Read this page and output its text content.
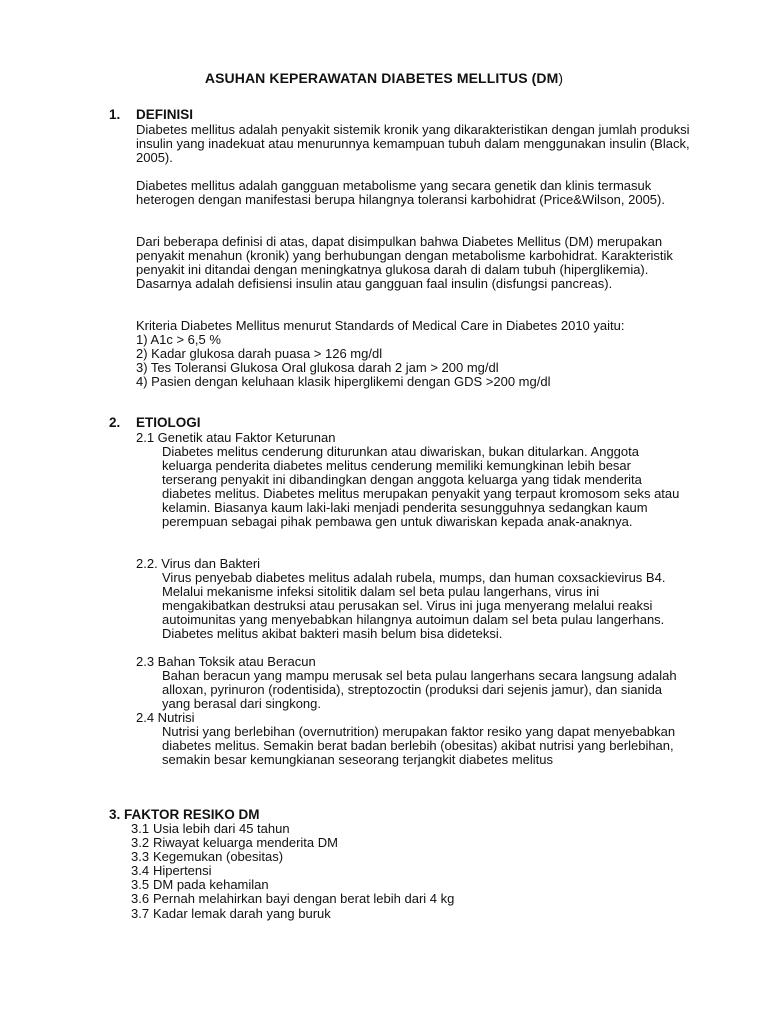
ASUHAN KEPERAWATAN DIABETES MELLITUS (DM)
1. DEFINISI

Diabetes mellitus adalah penyakit sistemik kronik yang dikarakteristikan dengan jumlah produksi insulin yang inadekuat atau menurunnya kemampuan tubuh dalam menggunakan insulin (Black, 2005).

Diabetes mellitus adalah gangguan metabolisme yang secara genetik dan klinis termasuk heterogen dengan manifestasi berupa hilangnya toleransi karbohidrat (Price&Wilson, 2005).

Dari beberapa definisi di atas, dapat disimpulkan bahwa Diabetes Mellitus (DM) merupakan penyakit menahun (kronik) yang berhubungan dengan metabolisme karbohidrat. Karakteristik penyakit ini ditandai dengan meningkatnya glukosa darah di dalam tubuh (hiperglikemia). Dasarnya adalah defisiensi insulin atau gangguan faal insulin (disfungsi pancreas).

Kriteria Diabetes Mellitus menurut Standards of Medical Care in Diabetes 2010 yaitu:

1) A1c > 6,5 %

2) Kadar glukosa darah puasa > 126 mg/dl

3) Tes Toleransi Glukosa Oral glukosa darah 2 jam > 200 mg/dl

4) Pasien dengan keluhaan klasik hiperglikemi dengan GDS >200 mg/dl

2. ETIOLOGI
2.1 Genetik atau Faktor Keturunan

Diabetes melitus cenderung diturunkan atau diwariskan, bukan ditularkan. Anggota keluarga penderita diabetes melitus cenderung memiliki kemungkinan lebih besar terserang penyakit ini dibandingkan dengan anggota keluarga yang tidak menderita diabetes melitus. Diabetes melitus merupakan penyakit yang terpaut kromosom seks atau kelamin. Biasanya kaum laki-laki menjadi penderita sesungguhnya sedangkan kaum perempuan sebagai pihak pembawa gen untuk diwariskan kepada anak-anaknya.

2.2. Virus dan Bakteri

Virus penyebab diabetes melitus adalah rubela, mumps, dan human coxsackievirus B4. Melalui mekanisme infeksi sitolitik dalam sel beta pulau langerhans, virus ini mengakibatkan destruksi atau perusakan sel. Virus ini juga menyerang melalui reaksi autoimunitas yang menyebabkan hilangnya autoimun dalam sel beta pulau langerhans. Diabetes melitus akibat bakteri masih belum bisa dideteksi.

2.3 Bahan Toksik atau Beracun

Bahan beracun yang mampu merusak sel beta pulau langerhans secara langsung adalah alloxan, pyrinuron (rodentisida), streptozoctin (produksi dari sejenis jamur), dan sianida yang berasal dari singkong.

2.4 Nutrisi

Nutrisi yang berlebihan (overnutrition) merupakan faktor resiko yang dapat menyebabkan diabetes melitus. Semakin berat badan berlebih (obesitas) akibat nutrisi yang berlebihan, semakin besar kemungkianan seseorang terjangkit diabetes melitus

3. FAKTOR RESIKO DM
3.1 Usia lebih dari 45 tahun
3.2 Riwayat keluarga menderita DM
3.3 Kegemukan (obesitas)
3.4 Hipertensi
3.5 DM pada kehamilan
3.6 Pernah melahirkan bayi dengan berat lebih dari 4 kg
3.7 Kadar lemak darah yang buruk
